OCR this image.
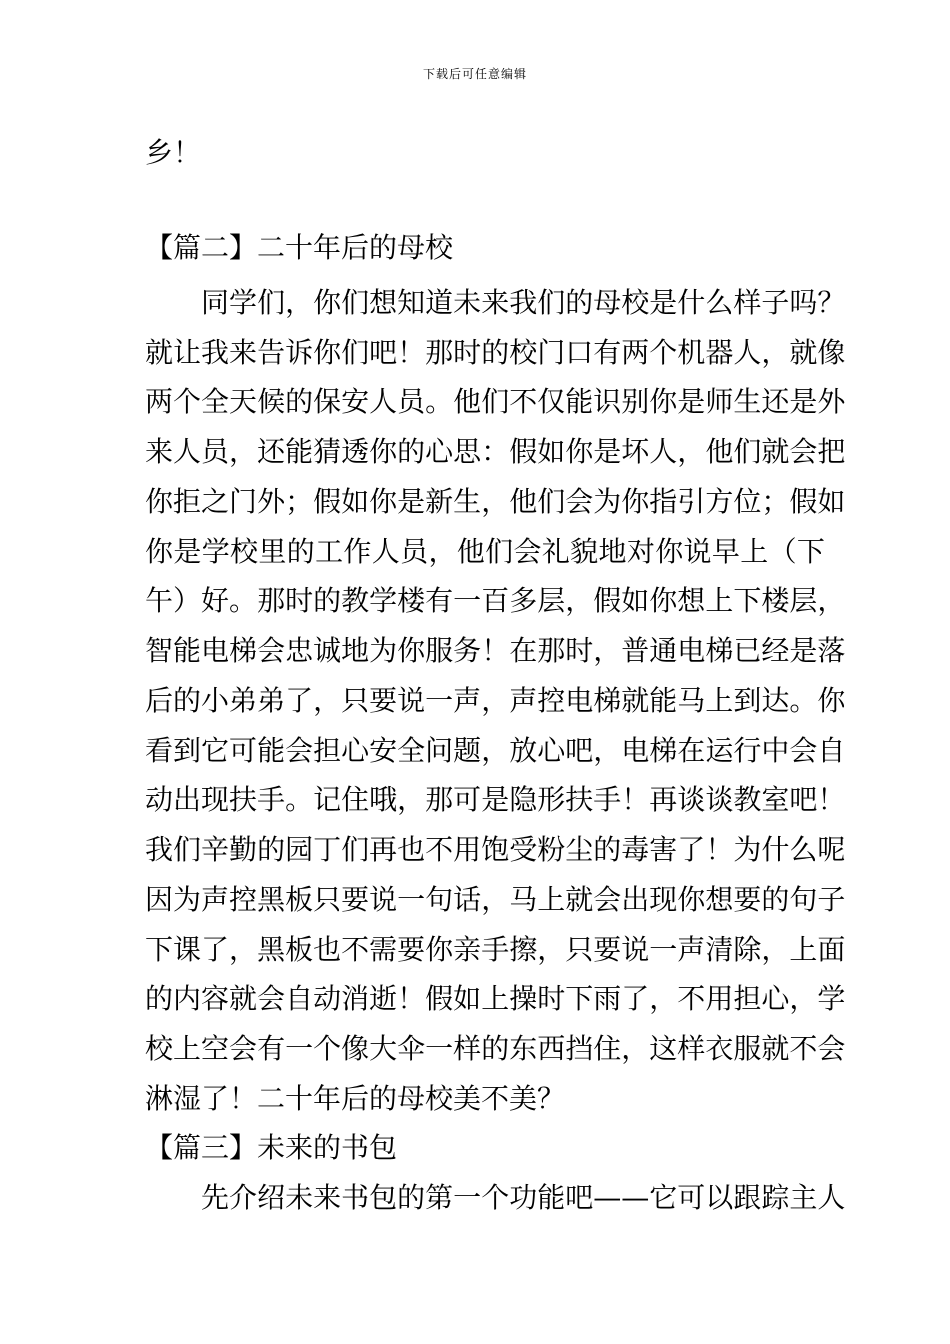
下载后可任意编辑
乡！
【篇二】二十年后的母校

同 学 们 ， 你 们 想 知 道 未 来 我 们 的 母 校 是 什 么 样 子 吗 ？
就 让 我 来 告 诉 你 们 吧 ！ 那 时 的 校 门 口 有 两 个 机 器 人 ， 就 像
两 个 全 天 候 的 保 安 人 员 。 他 们 不 仅 能 识 别 你 是 师 生 还 是 外
来 人 员 ， 还 能 猜 透 你 的 心 思 ： 假 如 你 是 坏 人 ， 他 们 就 会 把
你 拒 之 门 外 ； 假 如 你 是 新 生 ， 他 们 会 为 你 指 引 方 位 ； 假 如
你 是 学 校 里 的 工 作 人 员 ， 他 们 会 礼 貌 地 对 你 说 早 上 （ 下
午 ） 好 。 那 时 的 教 学 楼 有 一 百 多 层 ， 假 如 你 想 上 下 楼 层 ，
智 能 电 梯 会 忠 诚 地 为 你 服 务 ！ 在 那 时 ， 普 通 电 梯 已 经 是 落
后 的 小 弟 弟 了 ， 只 要 说 一 声 ， 声 控 电 梯 就 能 马 上 到 达 。 你
看 到 它 可 能 会 担 心 安 全 问 题 ， 放 心 吧 ， 电 梯 在 运 行 中 会 自
动 出 现 扶 手 。 记 住 哦 ， 那 可 是 隐 形 扶 手 ！ 再 谈 谈 教 室 吧 ！
我 们 辛 勤 的 园 丁 们 再 也 不 用 饱 受 粉 尘 的 毒 害 了 ！ 为 什 么 呢
因 为 声 控 黑 板 只 要 说 一 句 话 ， 马 上 就 会 出 现 你 想 要 的 句 子
下 课 了 ， 黑 板 也 不 需 要 你 亲 手 擦 ， 只 要 说 一 声 清 除 ， 上 面
的 内 容 就 会 自 动 消 逝 ！ 假 如 上 操 时 下 雨 了 ， 不 用 担 心 ， 学
校 上 空 会 有 一 个 像 大 伞 一 样 的 东 西 挡 住 ， 这 样 衣 服 就 不 会
淋湿了！二十年后的母校美不美？
【篇三】未来的书包

先 介 绍 未 来 书 包 的 第 一 个 功 能 吧 — — 它 可 以 跟 踪 主 人
